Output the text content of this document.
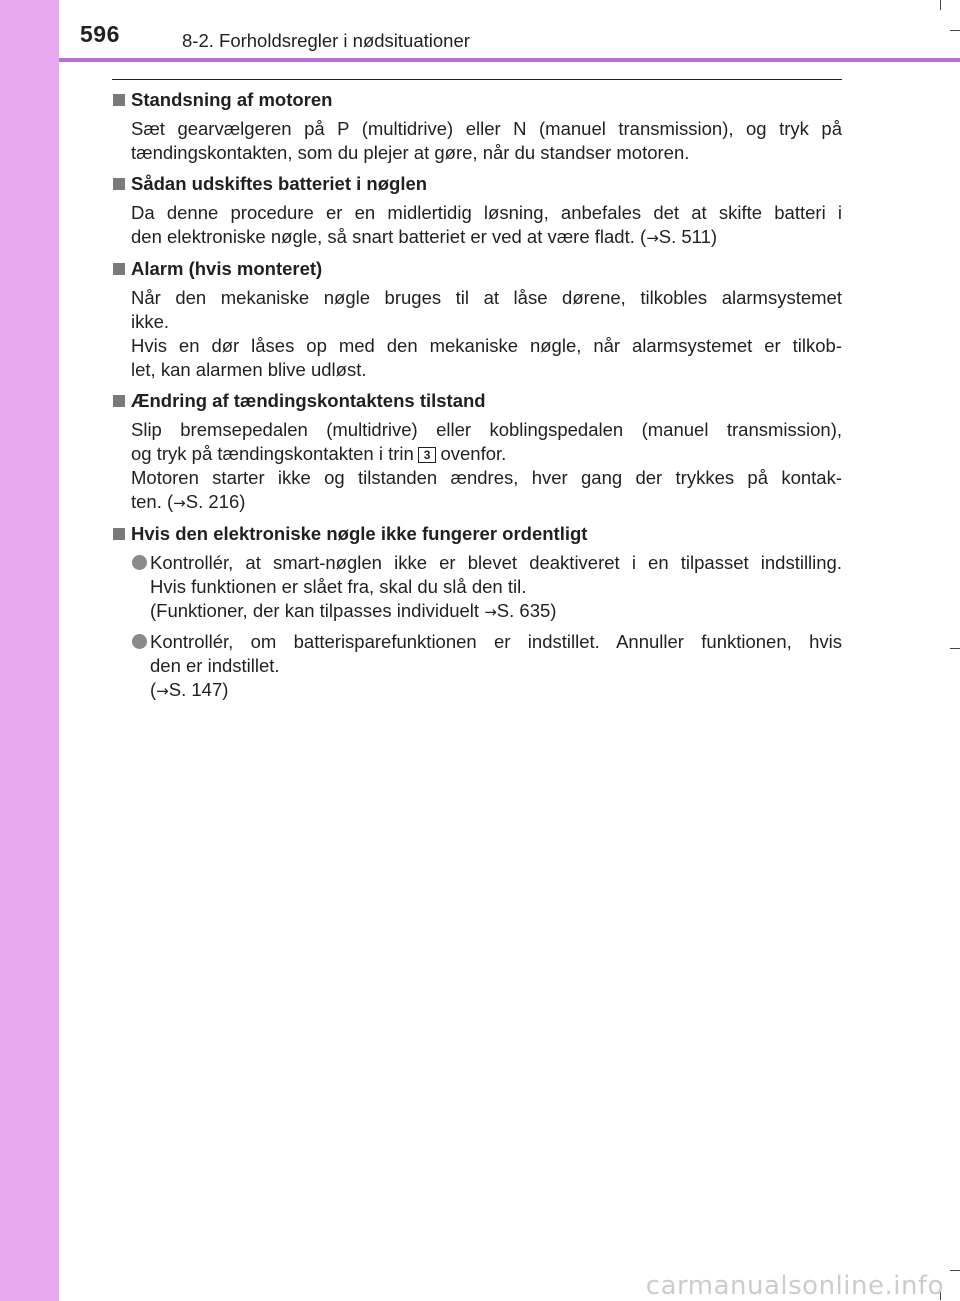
596	8-2. Forholdsregler i nødsituationer
Standsning af motoren
Sæt gearvælgeren på P (multidrive) eller N (manuel transmission), og tryk på
tændingskontakten, som du plejer at gøre, når du standser motoren.
Sådan udskiftes batteriet i nøglen
Da denne procedure er en midlertidig løsning, anbefales det at skifte batteri i
den elektroniske nøgle, så snart batteriet er ved at være fladt. (→S. 511)
Alarm (hvis monteret)
Når den mekaniske nøgle bruges til at låse dørene, tilkobles alarmsystemet
ikke.
Hvis en dør låses op med den mekaniske nøgle, når alarmsystemet er tilkob-
let, kan alarmen blive udløst.
Ændring af tændingskontaktens tilstand
Slip bremsepedalen (multidrive) eller koblingspedalen (manuel transmission),
og tryk på tændingskontakten i trin 3 ovenfor.
Motoren starter ikke og tilstanden ændres, hver gang der trykkes på kontak-
ten. (→S. 216)
Hvis den elektroniske nøgle ikke fungerer ordentligt
Kontrollér, at smart-nøglen ikke er blevet deaktiveret i en tilpasset indstilling.
Hvis funktionen er slået fra, skal du slå den til.
(Funktioner, der kan tilpasses individuelt →S. 635)
Kontrollér, om batterisparefunktionen er indstillet. Annuller funktionen, hvis
den er indstillet.
(→S. 147)
carmanualsonline.info
